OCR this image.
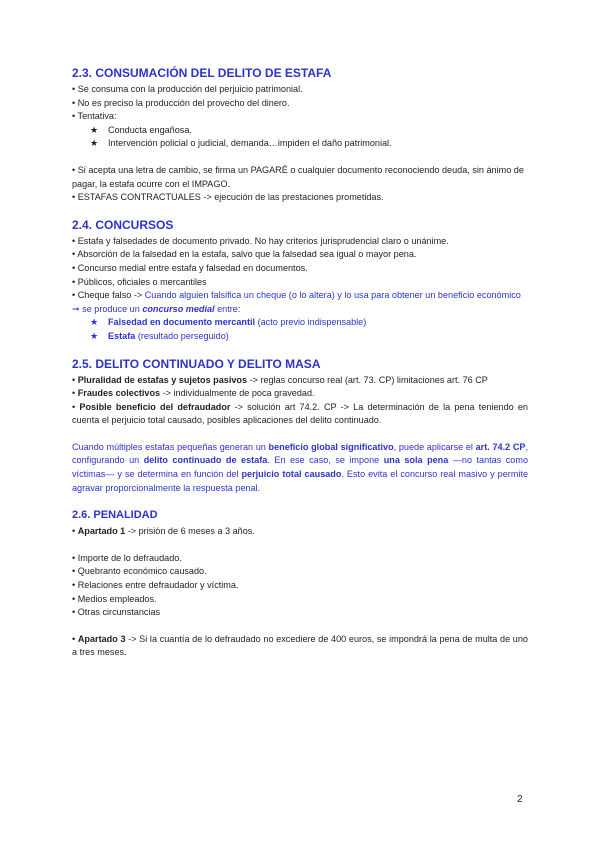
2.3. CONSUMACIÓN DEL DELITO DE ESTAFA

• Se consuma con la producción del perjuicio patrimonial.

• No es preciso la producción del provecho del dinero.

• Tentativa:

★ Conducta engañosa.

★ Intervención policial o judicial, demanda…impiden el daño patrimonial.

• Si acepta una letra de cambio, se firma un PAGARÉ o cualquier documento reconociendo deuda, sin ánimo de pagar, la estafa ocurre con el IMPAGO.

• ESTAFAS CONTRACTUALES -> ejecución de las prestaciones prometidas.

2.4. CONCURSOS

• Estafa y falsedades de documento privado. No hay criterios jurisprudencial claro o unánime.

• Absorción de la falsedad en la estafa, salvo que la falsedad sea igual o mayor pena.

• Concurso medial entre estafa y falsedad en documentos.

• Públicos, oficiales o mercantiles

• Cheque falso -> Cuando alguien falsifica un cheque (o lo altera) y lo usa para obtener un beneficio económico ➞ se produce un concurso medial entre:

★ Falsedad en documento mercantil (acto previo indispensable)

★ Estafa (resultado perseguido)

2.5. DELITO CONTINUADO Y DELITO MASA

• Pluralidad de estafas y sujetos pasivos -> reglas concurso real (art. 73. CP) limitaciones art. 76 CP

• Fraudes colectivos -> individualmente de poca gravedad.

• Posible beneficio del defraudador -> solución art 74.2. CP -> La determinación de la pena teniendo en cuenta el perjuicio total causado, posibles aplicaciones del delito continuado.

Cuando múltiples estafas pequeñas generan un beneficio global significativo, puede aplicarse el art. 74.2 CP, configurando un delito continuado de estafa. En ese caso, se impone una sola pena —no tantas como víctimas— y se determina en función del perjuicio total causado. Esto evita el concurso real masivo y permite agravar proporcionalmente la respuesta penal.

2.6. PENALIDAD

• Apartado 1 -> prisión de 6 meses a 3 años.

• Importe de lo defraudado.

• Quebranto económico causado.

• Relaciones entre defraudador y víctima.

• Medios empleados.

• Otras circunstancias

• Apartado 3 -> Si la cuantía de lo defraudado no excediere de 400 euros, se impondrá la pena de multa de uno a tres meses.

2
